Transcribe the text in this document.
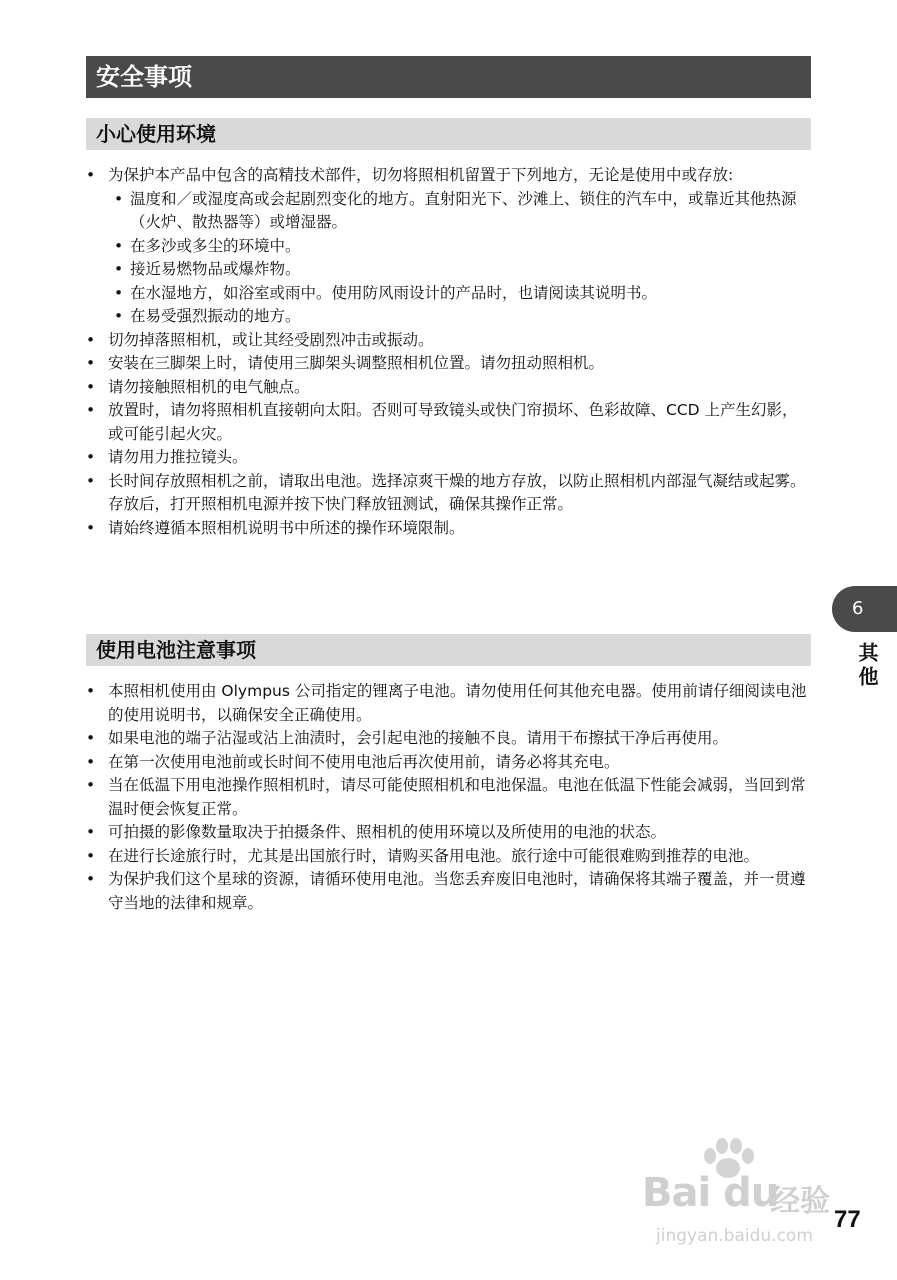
安全事项
小心使用环境
• 为保护本产品中包含的高精技术部件，切勿将照相机留置于下列地方，无论是使用中或存放:
• 温度和／或湿度高或会起剧烈变化的地方。直射阳光下、沙滩上、锁住的汽车中，或靠近其他热源（火炉、散热器等）或增湿器。
• 在多沙或多尘的环境中。
• 接近易燃物品或爆炸物。
• 在水湿地方，如浴室或雨中。使用防风雨设计的产品时，也请阅读其说明书。
• 在易受强烈振动的地方。
• 切勿掉落照相机，或让其经受剧烈冲击或振动。
• 安装在三脚架上时，请使用三脚架头调整照相机位置。请勿扭动照相机。
• 请勿接触照相机的电气触点。
• 放置时，请勿将照相机直接朝向太阳。否则可导致镜头或快门帘损坏、色彩故障、CCD 上产生幻影，或可能引起火灾。
• 请勿用力推拉镜头。
• 长时间存放照相机之前，请取出电池。选择凉爽干燥的地方存放，以防止照相机内部湿气凝结或起雾。存放后，打开照相机电源并按下快门释放钮测试，确保其操作正常。
• 请始终遵循本照相机说明书中所述的操作环境限制。
使用电池注意事项
• 本照相机使用由 Olympus 公司指定的锂离子电池。请勿使用任何其他充电器。使用前请仔细阅读电池的使用说明书，以确保安全正确使用。
• 如果电池的端子沾湿或沾上油渍时，会引起电池的接触不良。请用干布擦拭干净后再使用。
• 在第一次使用电池前或长时间不使用电池后再次使用前，请务必将其充电。
• 当在低温下用电池操作照相机时，请尽可能使照相机和电池保温。电池在低温下性能会减弱，当回到常温时便会恢复正常。
• 可拍摄的影像数量取决于拍摄条件、照相机的使用环境以及所使用的电池的状态。
• 在进行长途旅行时，尤其是出国旅行时，请购买备用电池。旅行途中可能很难购到推荐的电池。
• 为保护我们这个星球的资源，请循环使用电池。当您丢弃废旧电池时，请确保将其端子覆盖，并一贯遵守当地的法律和规章。
6
其他
Bai du
经验
jingyan.baidu.com
77
